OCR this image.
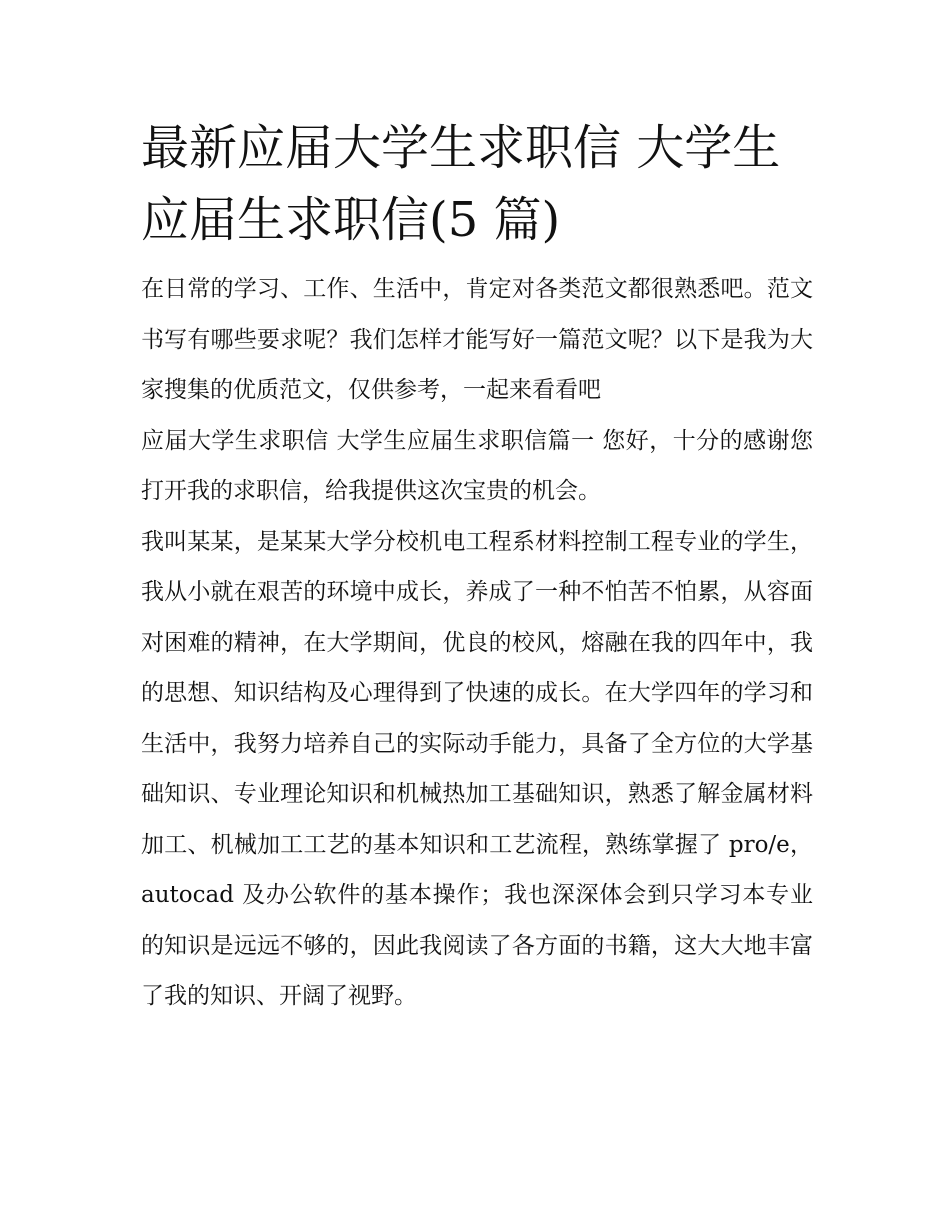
最新应届大学生求职信 大学生应届生求职信(5 篇)

在日常的学习、工作、生活中，肯定对各类范文都很熟悉吧。范文书写有哪些要求呢？我们怎样才能写好一篇范文呢？以下是我为大家搜集的优质范文，仅供参考，一起来看看吧

应届大学生求职信 大学生应届生求职信篇一 您好，十分的感谢您打开我的求职信，给我提供这次宝贵的机会。

我叫某某，是某某大学分校机电工程系材料控制工程专业的学生，我从小就在艰苦的环境中成长，养成了一种不怕苦不怕累，从容面对困难的精神，在大学期间，优良的校风，熔融在我的四年中，我的思想、知识结构及心理得到了快速的成长。在大学四年的学习和生活中，我努力培养自己的实际动手能力，具备了全方位的大学基础知识、专业理论知识和机械热加工基础知识，熟悉了解金属材料加工、机械加工工艺的基本知识和工艺流程，熟练掌握了 pro/e，autocad 及办公软件的基本操作；我也深深体会到只学习本专业的知识是远远不够的，因此我阅读了各方面的书籍，这大大地丰富了我的知识、开阔了视野。
